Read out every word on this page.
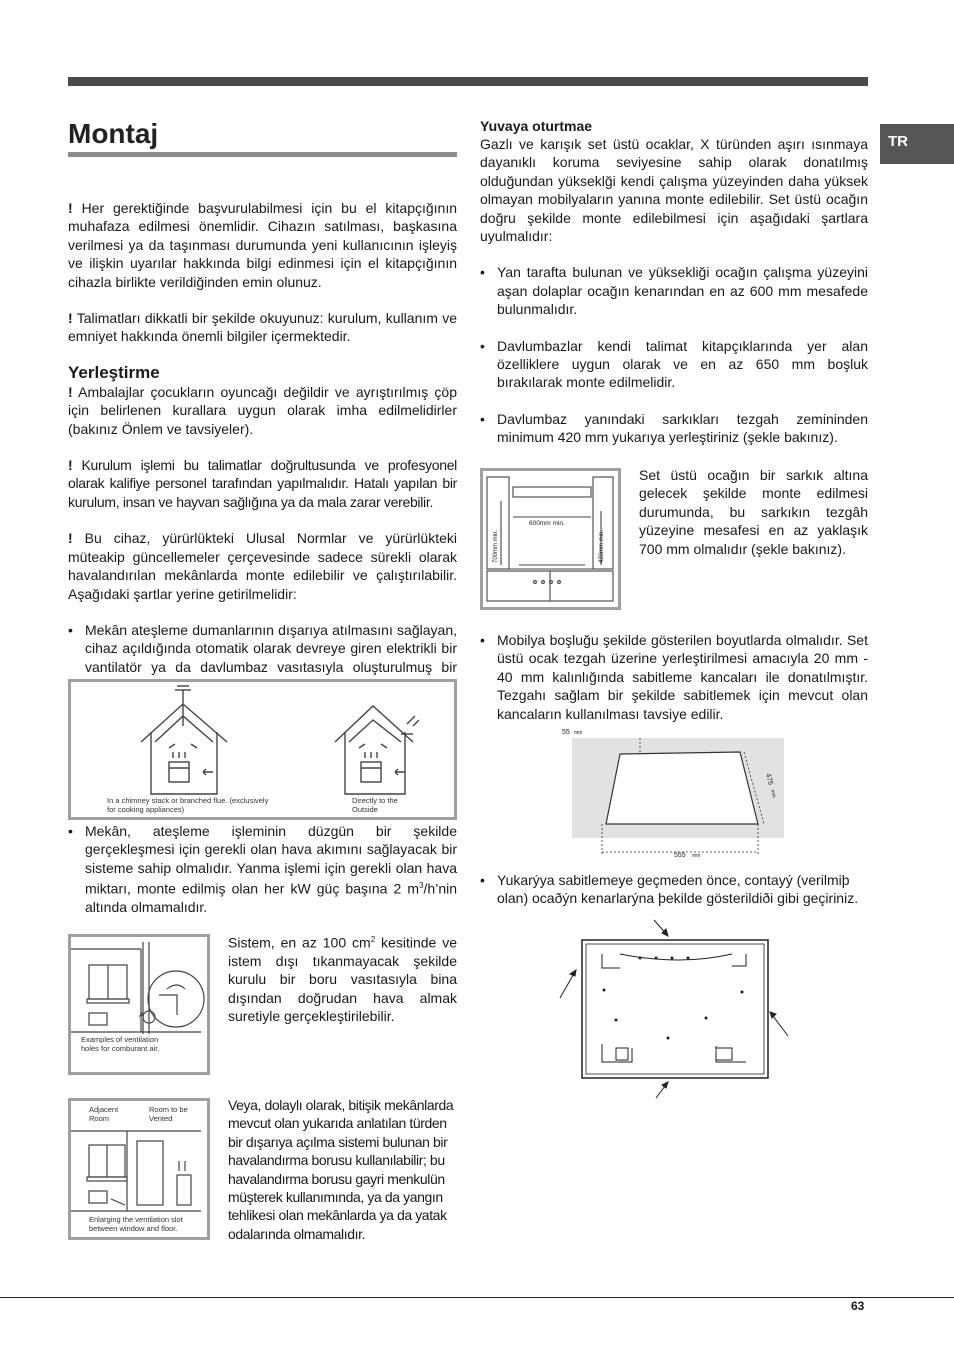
TR
Montaj

! Her gerektiğinde başvurulabilmesi için bu el kitapçığının muhafaza edilmesi önemlidir. Cihazın satılması, başkasına verilmesi ya da taşınması durumunda yeni kullanıcının işleyiş ve ilişkin uyarılar hakkında bilgi edinmesi için el kitapçığının cihazla birlikte verildiğinden emin olunuz.

! Talimatları dikkatli bir şekilde okuyunuz: kurulum, kullanım ve emniyet hakkında önemli bilgiler içermektedir.

Yerleştirme

! Ambalajlar çocukların oyuncağı değildir ve ayrıştırılmış çöp için belirlenen kurallara uygun olarak imha edilmelidirler (bakınız Önlem ve tavsiyeler).

! Kurulum işlemi bu talimatlar doğrultusunda ve profesyonel olarak kalifiye personel tarafından yapılmalıdır. Hatalı yapılan bir kurulum, insan ve hayvan sağlığına ya da mala zarar verebilir.

! Bu cihaz, yürürlükteki Ulusal Normlar ve yürürlükteki müteakip güncellemeler çerçevesinde sadece sürekli olarak havalandırılan mekânlarda monte edilebilir ve çalıştırılabilir. Aşağıdaki şartlar yerine getirilmelidir:

• Mekân ateşleme dumanlarının dışarıya atılmasını sağlayan, cihaz açıldığında otomatik olarak devreye giren elektrikli bir vantilatör ya da davlumbaz vasıtasıyla oluşturulmuş bir
In a chimney stack or branched flue. (exclusively for cooking appliances)
Directly to the Outside
• Mekân, ateşleme işleminin düzgün bir şekilde gerçekleşmesi için gerekli olan hava akımını sağlayacak bir sisteme sahip olmalıdır. Yanma işlemi için gerekli olan hava miktarı, monte edilmiş olan her kW güç başına 2 $m^3/h’nin$ altında olmamalıdır.
A
Examples of ventilation holes for comburant air.

Sistem, en az 100 $cm^2$ kesitinde ve istem dışı tıkanmayacak şekilde kurulu bir boru vasıtasıyla bina dışından doğrudan hava almak suretiyle gerçekleştirilebilir.

Adjacent Room
Room to be Vented
Enlarging the ventilation slot between window and floor.

Veya, dolaylı olarak, bitişik mekânlarda mevcut olan yukarıda anlatılan türden bir dışarıya açılma sistemi bulunan bir havalandırma borusu kullanılabilir; bu havalandırma borusu gayri menkulün müşterek kullanımında, ya da yangın tehlikesi olan mekânlarda ya da yatak odalarında olmamalıdır.

Yuvaya oturtmae

Gazlı ve karışık set üstü ocaklar, X türünden aşırı ısınmaya dayanıklı koruma seviyesine sahip olarak donatılmış olduğundan yükseklği kendi çalışma yüzeyinden daha yüksek olmayan mobilyaların yanına monte edilebilir. Set üstü ocağın doğru şekilde monte edilebilmesi için aşağıdaki şartlara uyulmalıdır:

• Yan tarafta bulunan ve yüksekliği ocağın çalışma yüzeyini aşan dolaplar ocağın kenarından en az 600 mm mesafede bulunmalıdır.
• Davlumbazlar kendi talimat kitapçıklarında yer alan özelliklere uygun olarak ve en az 650 mm boşluk bırakılarak monte edilmelidir.
• Davlumbaz yanındaki sarkıkları tezgah zemininden minimum 420 mm yukarıya yerleştiriniz (şekle bakınız).
600mm min.
700mm min.	420mm min.

Set üstü ocağın bir sarkık altına gelecek şekilde monte edilmesi durumunda, bu sarkıkın tezgâh yüzeyine mesafesi en az yaklaşık 700 mm olmalıdır (şekle bakınız).

• Mobilya boşluğu şekilde gösterilen boyutlarda olmalıdır. Set üstü ocak tezgah üzerine yerleştirilmesi amacıyla 20 mm - 40 mm kalınlığında sabitleme kancaları ile donatılmıştır. Tezgahı sağlam bir şekilde sabitlemek için mevcut olan kancaların kullanılması tavsiye edilir.
55 mm
555 mm
475
mm
• Yukarýya sabitlemeye geçmeden önce, contayý (verilmiþ olan) ocaðýn kenarlarýna þekilde gösterildiði gibi geçiriniz.
63
